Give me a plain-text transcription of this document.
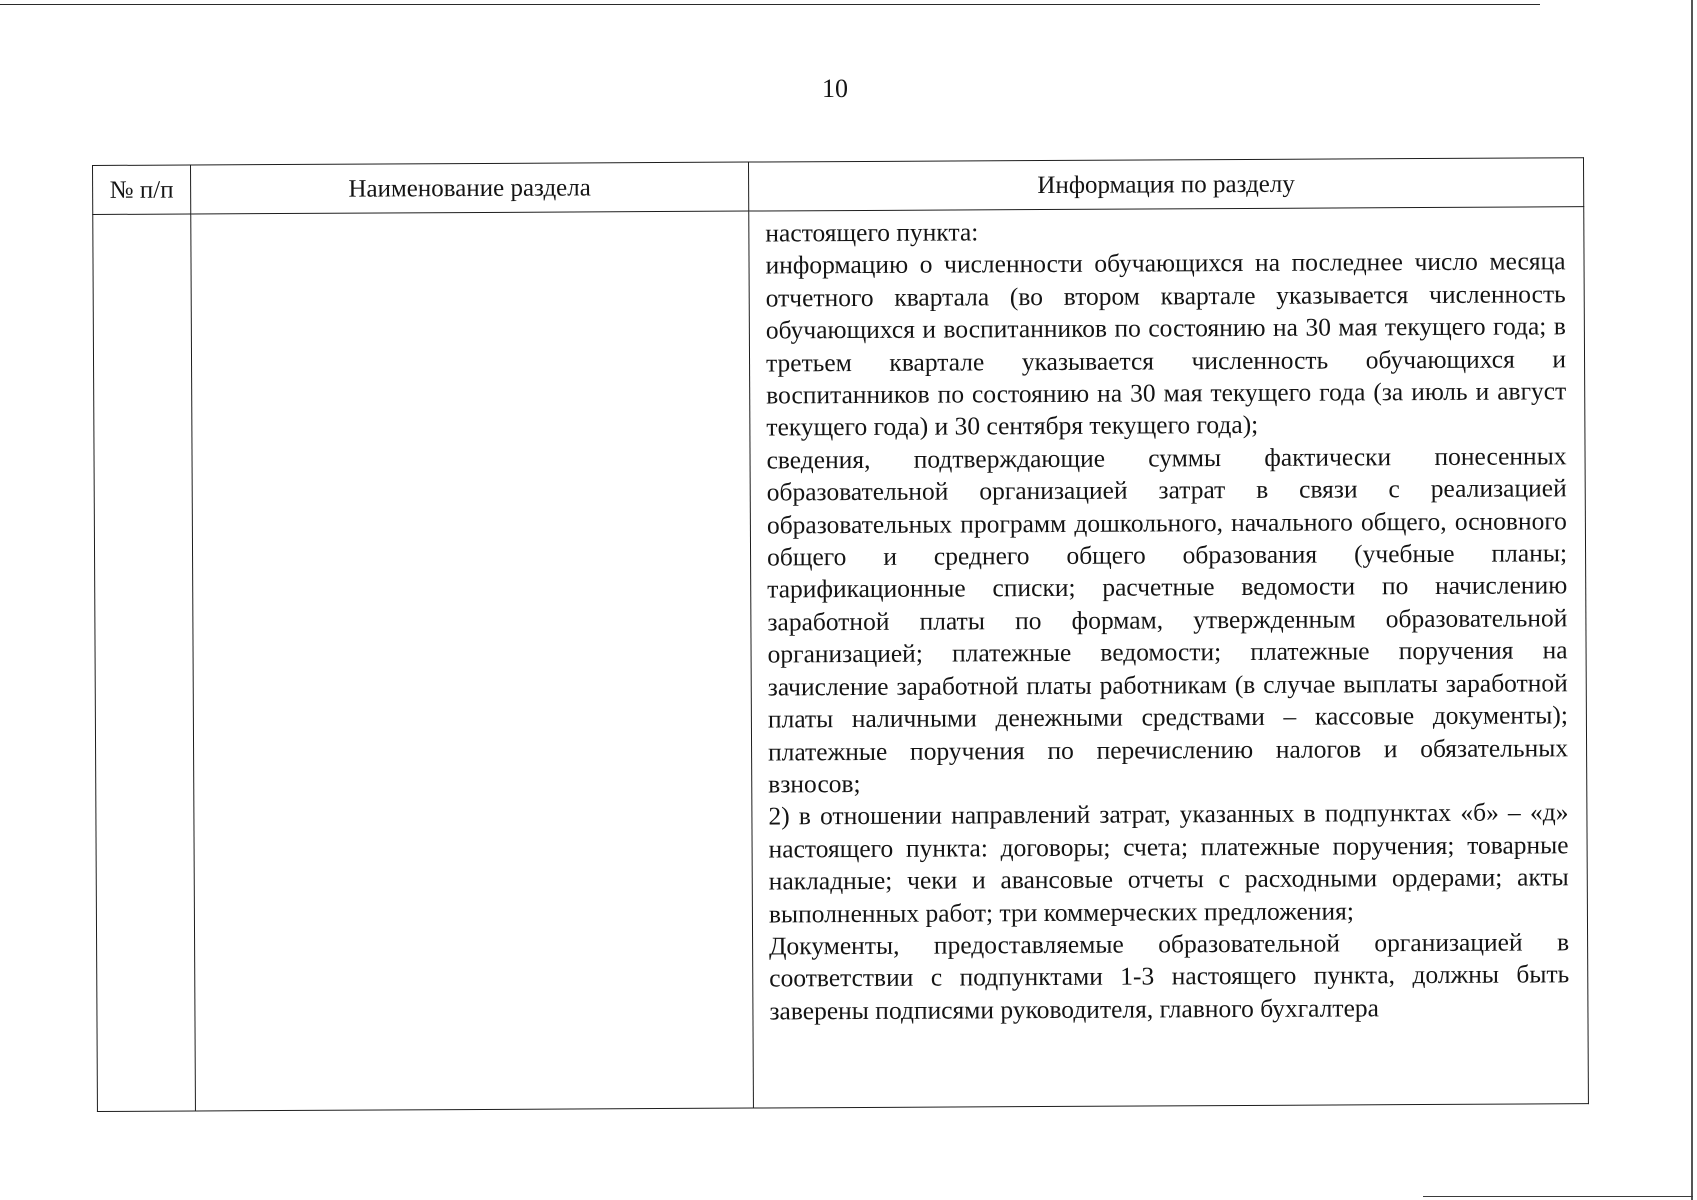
10
№ п/п	Наименование раздела	Информация по разделу

		настоящего пункта:

информацию о численности обучающихся на последнее число месяца отчетного квартала (во втором квартале указывается численность обучающихся и воспитанников по состоянию на 30 мая текущего года; в третьем квартале указывается численность обучающихся и воспитанников по состоянию на 30 мая текущего года (за июль и август текущего года) и 30 сентября текущего года);

сведения, подтверждающие суммы фактически понесенных образовательной организацией затрат в связи с реализацией образовательных программ дошкольного, начального общего, основного общего и среднего общего образования (учебные планы; тарификационные списки; расчетные ведомости по начислению заработной платы по формам, утвержденным образовательной организацией; платежные ведомости; платежные поручения на зачисление заработной платы работникам (в случае выплаты заработной платы наличными денежными средствами – кассовые документы); платежные поручения по перечислению налогов и обязательных взносов;

2) в отношении направлений затрат, указанных в подпунктах «б» – «д» настоящего пункта: договоры; счета; платежные поручения; товарные накладные; чеки и авансовые отчеты с расходными ордерами; акты выполненных работ; три коммерческих предложения;

Документы, предоставляемые образовательной организацией в соответствии с подпунктами 1-3 настоящего пункта, должны быть заверены подписями руководителя, главного бухгалтера
